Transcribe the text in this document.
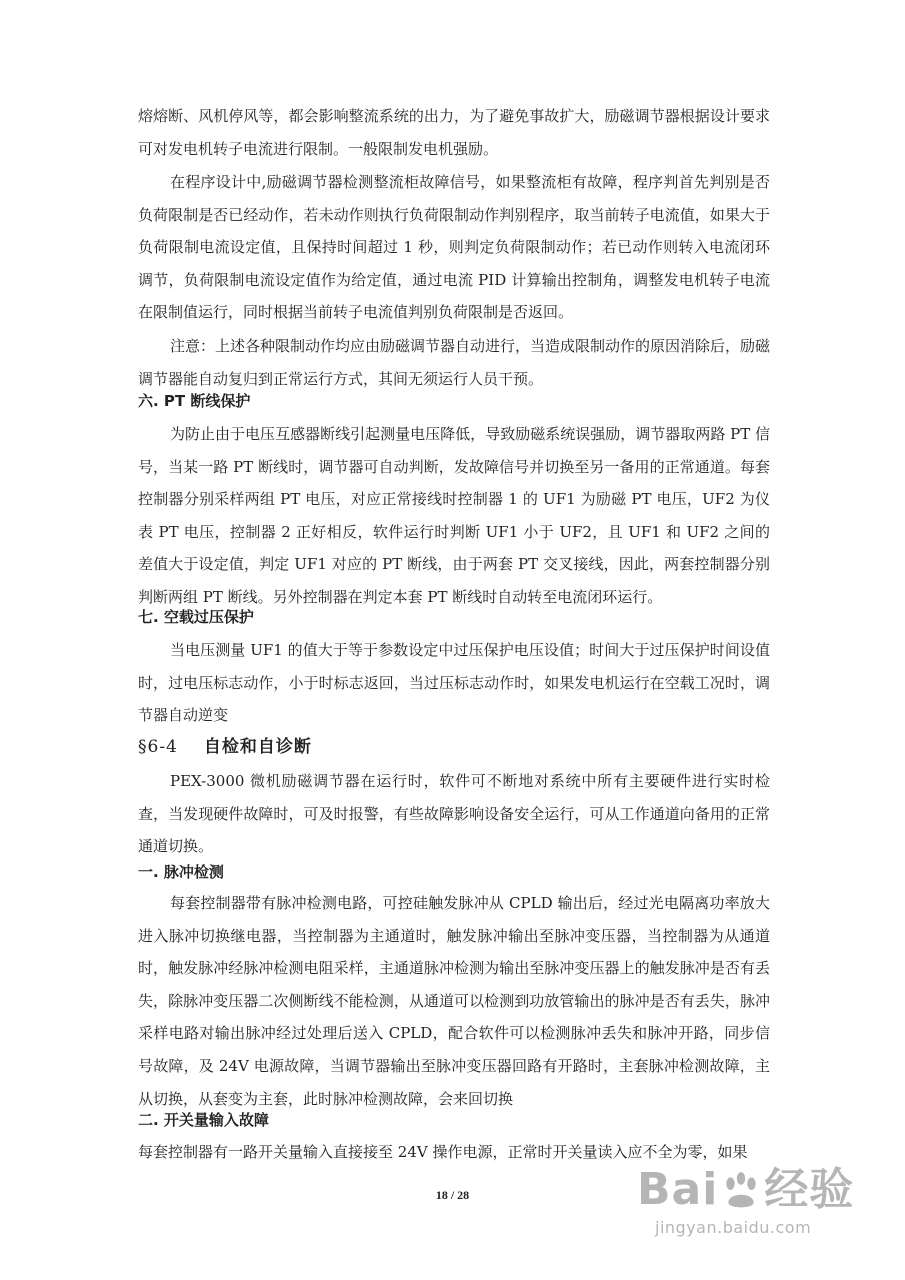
熔熔断、风机停风等，都会影响整流系统的出力，为了避免事故扩大，励磁调节器根据设计要求可对发电机转子电流进行限制。一般限制发电机强励。

在程序设计中,励磁调节器检测整流柜故障信号，如果整流柜有故障，程序判首先判别是否负荷限制是否已经动作，若未动作则执行负荷限制动作判别程序，取当前转子电流值，如果大于负荷限制电流设定值，且保持时间超过 1 秒，则判定负荷限制动作；若已动作则转入电流闭环调节，负荷限制电流设定值作为给定值，通过电流 PID 计算输出控制角，调整发电机转子电流在限制值运行，同时根据当前转子电流值判别负荷限制是否返回。

注意：上述各种限制动作均应由励磁调节器自动进行，当造成限制动作的原因消除后，励磁调节器能自动复归到正常运行方式，其间无须运行人员干预。

六. PT 断线保护

为防止由于电压互感器断线引起测量电压降低，导致励磁系统误强励，调节器取两路 PT 信号，当某一路 PT 断线时，调节器可自动判断，发故障信号并切换至另一备用的正常通道。每套控制器分别采样两组 PT 电压，对应正常接线时控制器 1 的 UF1 为励磁 PT 电压，UF2 为仪表 PT 电压，控制器 2 正好相反，软件运行时判断 UF1 小于 UF2，且 UF1 和 UF2 之间的差值大于设定值，判定 UF1 对应的 PT 断线，由于两套 PT 交叉接线，因此，两套控制器分别判断两组 PT 断线。另外控制器在判定本套 PT 断线时自动转至电流闭环运行。

七. 空载过压保护

当电压测量 UF1 的值大于等于参数设定中过压保护电压设值；时间大于过压保护时间设值时，过电压标志动作，小于时标志返回，当过压标志动作时，如果发电机运行在空载工况时，调节器自动逆变

§6-4 自检和自诊断

PEX-3000 微机励磁调节器在运行时，软件可不断地对系统中所有主要硬件进行实时检查，当发现硬件故障时，可及时报警，有些故障影响设备安全运行，可从工作通道向备用的正常通道切换。

一. 脉冲检测

每套控制器带有脉冲检测电路，可控硅触发脉冲从 CPLD 输出后，经过光电隔离功率放大进入脉冲切换继电器，当控制器为主通道时，触发脉冲输出至脉冲变压器，当控制器为从通道时，触发脉冲经脉冲检测电阻采样，主通道脉冲检测为输出至脉冲变压器上的触发脉冲是否有丢失，除脉冲变压器二次侧断线不能检测，从通道可以检测到功放管输出的脉冲是否有丢失，脉冲采样电路对输出脉冲经过处理后送入 CPLD，配合软件可以检测脉冲丢失和脉冲开路，同步信号故障，及 24V 电源故障，当调节器输出至脉冲变压器回路有开路时，主套脉冲检测故障，主从切换，从套变为主套，此时脉冲检测故障，会来回切换

二. 开关量输入故障

每套控制器有一路开关量输入直接接至 24V 操作电源，正常时开关量读入应不全为零，如果

18 / 28	Bai 经验
jingyan.baidu.com
